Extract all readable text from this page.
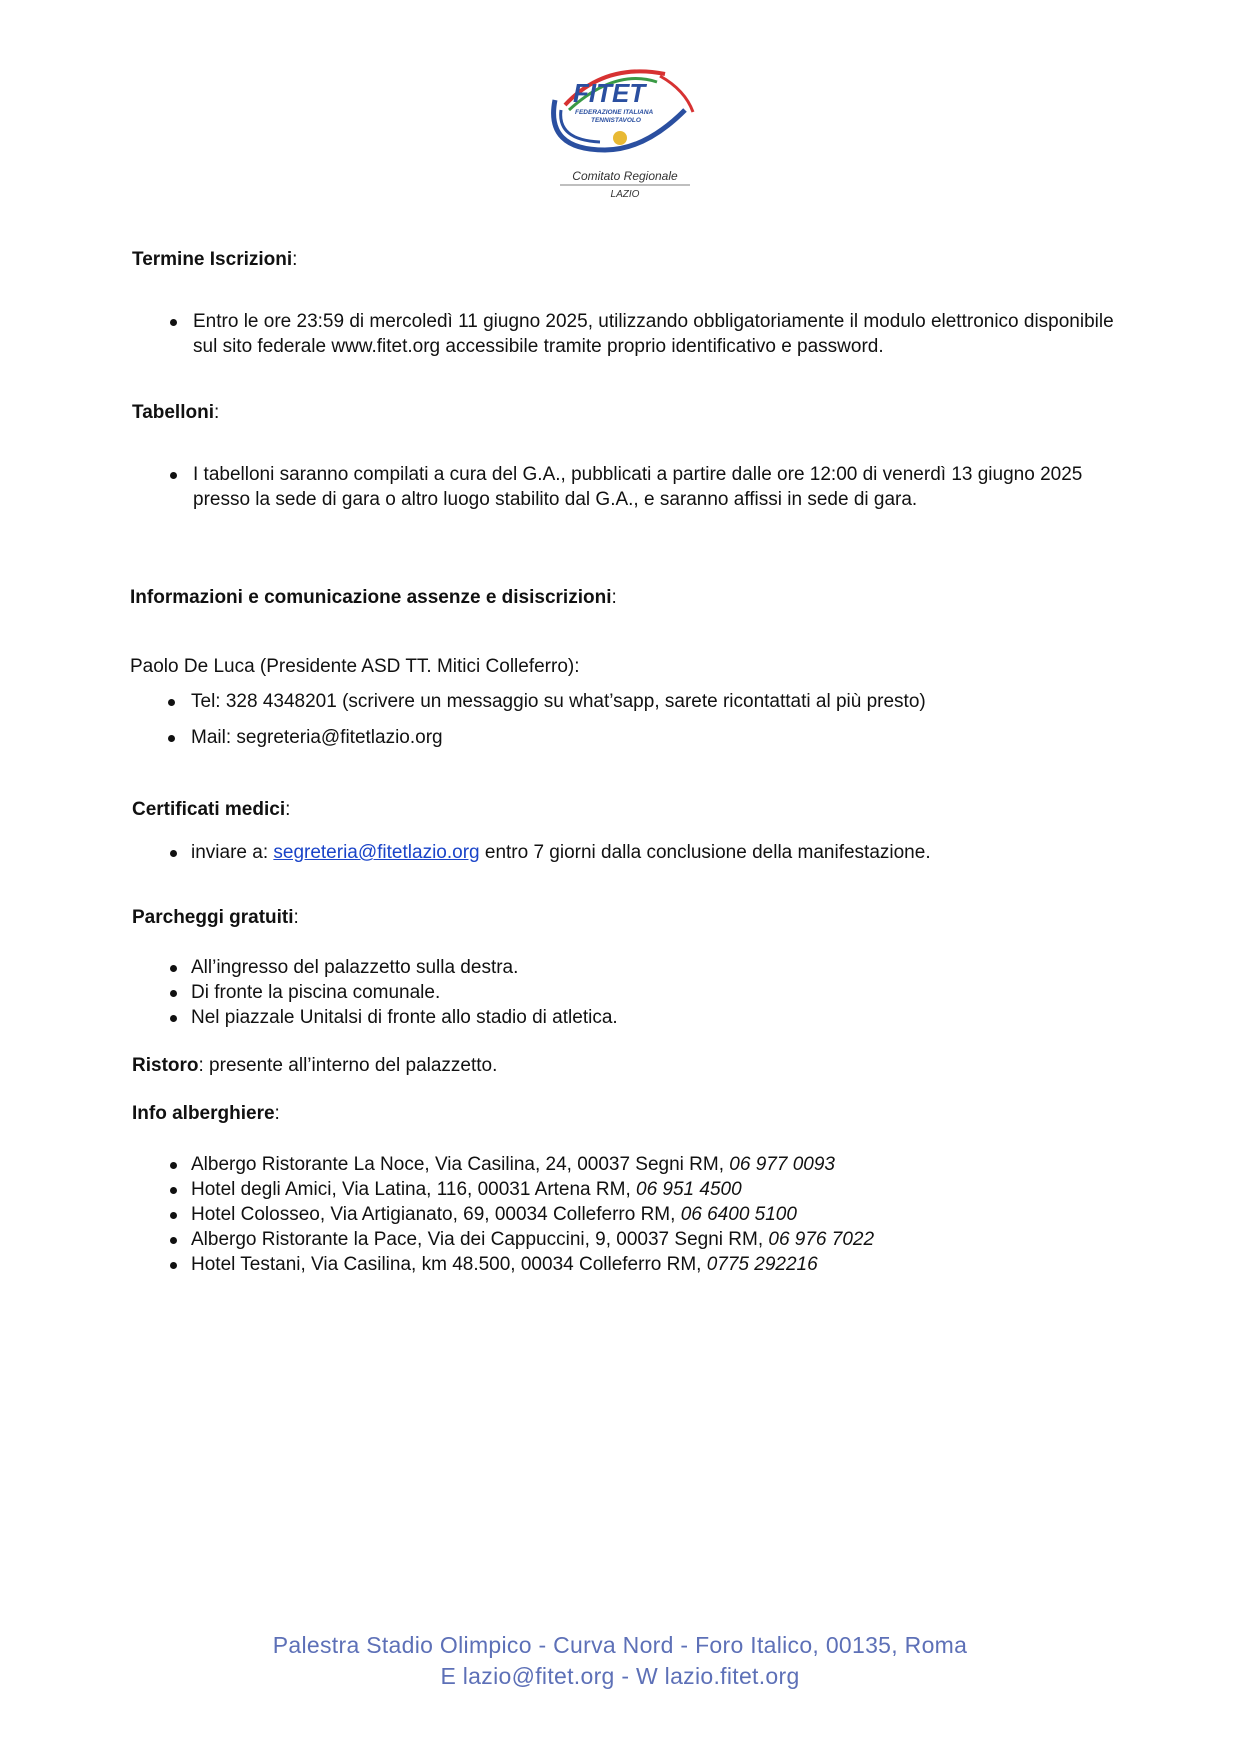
FITET
FEDERAZIONE ITALIANA
TENNISTAVOLO
Comitato Regionale
LAZIO
Termine Iscrizioni:
Entro le ore 23:59 di mercoledì 11 giugno 2025, utilizzando obbligatoriamente il modulo elettronico disponibile sul sito federale www.fitet.org accessibile tramite proprio identificativo e password.
Tabelloni:
I tabelloni saranno compilati a cura del G.A., pubblicati a partire dalle ore 12:00 di venerdì 13 giugno 2025 presso la sede di gara o altro luogo stabilito dal G.A., e saranno affissi in sede di gara.
Informazioni e comunicazione assenze e disiscrizioni:
Paolo De Luca (Presidente ASD TT. Mitici Colleferro):
Tel: 328 4348201 (scrivere un messaggio su what’sapp, sarete ricontattati al più presto)
Mail: segreteria@fitetlazio.org
Certificati medici:
inviare a: segreteria@fitetlazio.org entro 7 giorni dalla conclusione della manifestazione.
Parcheggi gratuiti:
All’ingresso del palazzetto sulla destra.
Di fronte la piscina comunale.
Nel piazzale Unitalsi di fronte allo stadio di atletica.
Ristoro: presente all’interno del palazzetto.
Info alberghiere:
Albergo Ristorante La Noce, Via Casilina, 24, 00037 Segni RM, 06 977 0093
Hotel degli Amici, Via Latina, 116, 00031 Artena RM, 06 951 4500
Hotel Colosseo, Via Artigianato, 69, 00034 Colleferro RM, 06 6400 5100
Albergo Ristorante la Pace, Via dei Cappuccini, 9, 00037 Segni RM, 06 976 7022
Hotel Testani, Via Casilina, km 48.500, 00034 Colleferro RM, 0775 292216
Palestra Stadio Olimpico - Curva Nord - Foro Italico, 00135, Roma
E lazio@fitet.org - W lazio.fitet.org
